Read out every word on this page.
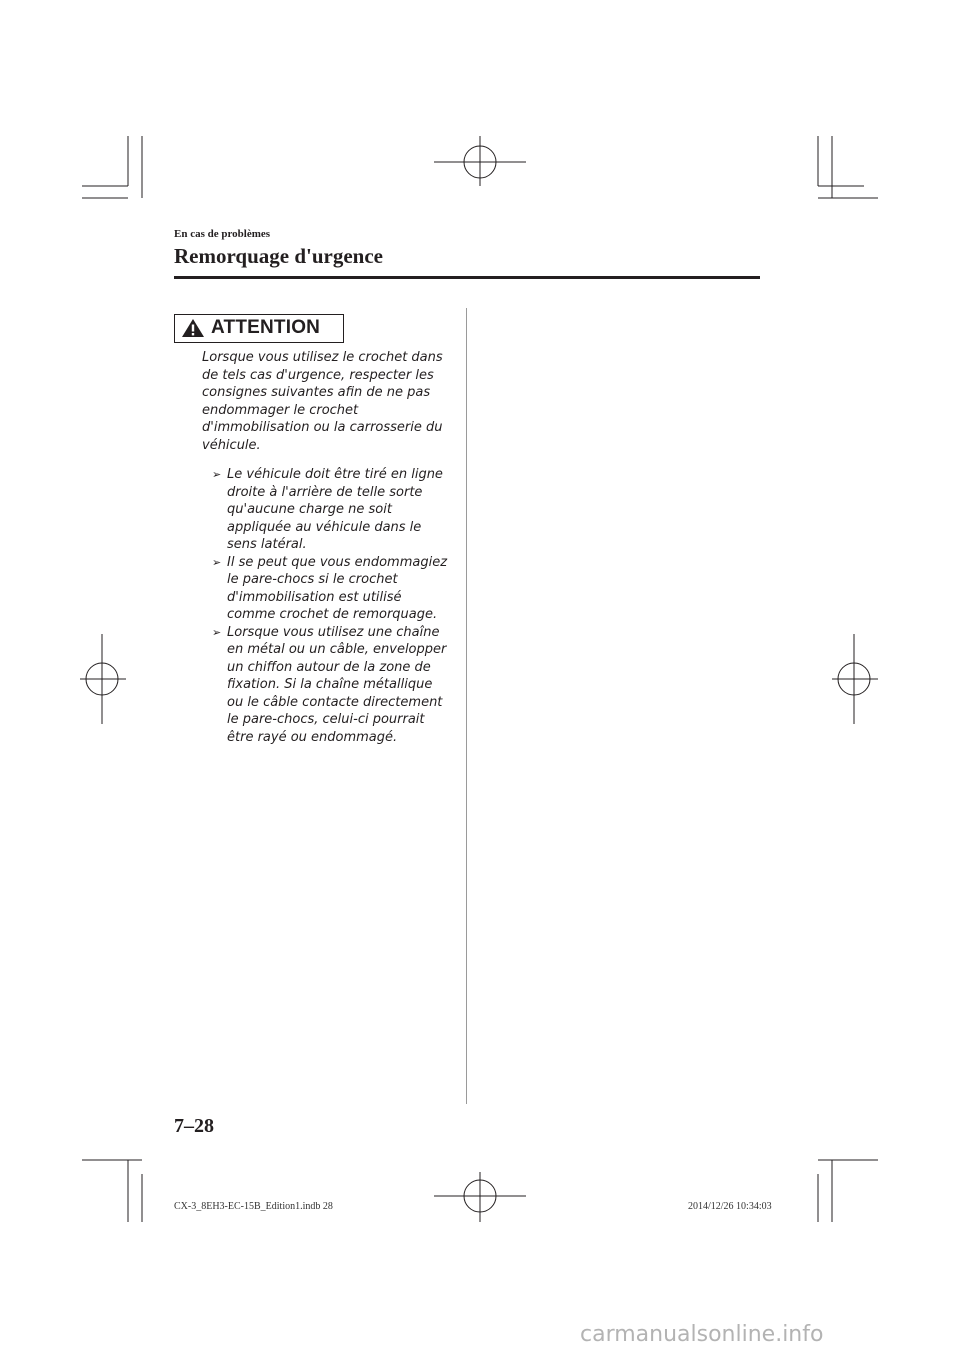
En cas de problèmes
Remorquage d'urgence
ATTENTION
Lorsque vous utilisez le crochet dans de tels cas d'urgence, respecter les consignes suivantes afin de ne pas endommager le crochet d'immobilisation ou la carrosserie du véhicule.
➢ Le véhicule doit être tiré en ligne droite à l'arrière de telle sorte qu'aucune charge ne soit appliquée au véhicule dans le sens latéral.
➢ Il se peut que vous endommagiez le pare-chocs si le crochet d'immobilisation est utilisé comme crochet de remorquage.
➢ Lorsque vous utilisez une chaîne en métal ou un câble, envelopper un chiffon autour de la zone de fixation. Si la chaîne métallique ou le câble contacte directement le pare-chocs, celui-ci pourrait être rayé ou endommagé.
7–28
CX-3_8EH3-EC-15B_Edition1.indb 28	2014/12/26 10:34:03
carmanualsonline.info
